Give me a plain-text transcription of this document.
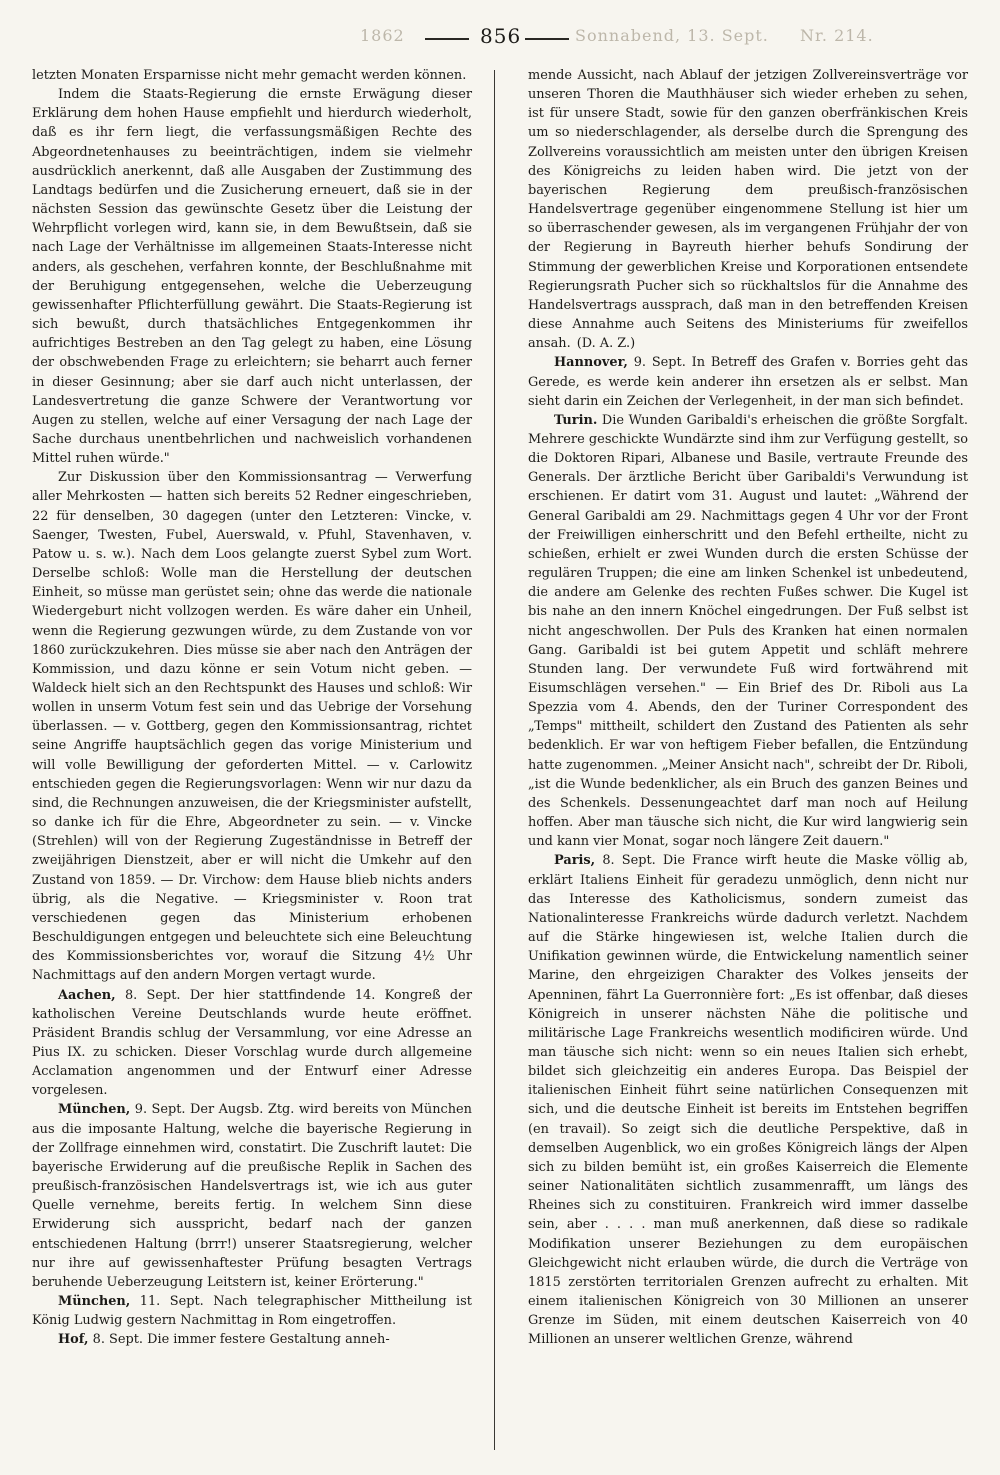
1862	856	Sonnabend, 13. Sept. Nr. 214.

letzten Monaten Ersparnisse nicht mehr gemacht werden können.

Indem die Staats-Regierung die ernste Erwägung dieser Erklärung dem hohen Hause empfiehlt und hierdurch wiederholt, daß es ihr fern liegt, die verfassungsmäßigen Rechte des Abgeordnetenhauses zu beeinträchtigen, indem sie vielmehr ausdrücklich anerkennt, daß alle Ausgaben der Zustimmung des Landtags bedürfen und die Zusicherung erneuert, daß sie in der nächsten Session das gewünschte Gesetz über die Leistung der Wehrpflicht vorlegen wird, kann sie, in dem Bewußtsein, daß sie nach Lage der Verhältnisse im allgemeinen Staats-Interesse nicht anders, als geschehen, verfahren konnte, der Beschlußnahme mit der Beruhigung entgegensehen, welche die Ueberzeugung gewissenhafter Pflichterfüllung gewährt. Die Staats-Regierung ist sich bewußt, durch thatsächliches Entgegenkommen ihr aufrichtiges Bestreben an den Tag gelegt zu haben, eine Lösung der obschwebenden Frage zu erleichtern; sie beharrt auch ferner in dieser Gesinnung; aber sie darf auch nicht unterlassen, der Landesvertretung die ganze Schwere der Verantwortung vor Augen zu stellen, welche auf einer Versagung der nach Lage der Sache durchaus unentbehrlichen und nachweislich vorhandenen Mittel ruhen würde."

Zur Diskussion über den Kommissionsantrag — Verwerfung aller Mehrkosten — hatten sich bereits 52 Redner eingeschrieben, 22 für denselben, 30 dagegen (unter den Letzteren: Vincke, v. Saenger, Twesten, Fubel, Auerswald, v. Pfuhl, Stavenhaven, v. Patow u. s. w.). Nach dem Loos gelangte zuerst Sybel zum Wort. Derselbe schloß: Wolle man die Herstellung der deutschen Einheit, so müsse man gerüstet sein; ohne das werde die nationale Wiedergeburt nicht vollzogen werden. Es wäre daher ein Unheil, wenn die Regierung gezwungen würde, zu dem Zustande von vor 1860 zurückzukehren. Dies müsse sie aber nach den Anträgen der Kommission, und dazu könne er sein Votum nicht geben. — Waldeck hielt sich an den Rechtspunkt des Hauses und schloß: Wir wollen in unserm Votum fest sein und das Uebrige der Vorsehung überlassen. — v. Gottberg, gegen den Kommissionsantrag, richtet seine Angriffe hauptsächlich gegen das vorige Ministerium und will volle Bewilligung der geforderten Mittel. — v. Carlowitz entschieden gegen die Regierungsvorlagen: Wenn wir nur dazu da sind, die Rechnungen anzuweisen, die der Kriegsminister aufstellt, so danke ich für die Ehre, Abgeordneter zu sein. — v. Vincke (Strehlen) will von der Regierung Zugeständnisse in Betreff der zweijährigen Dienstzeit, aber er will nicht die Umkehr auf den Zustand von 1859. — Dr. Virchow: dem Hause blieb nichts anders übrig, als die Negative. — Kriegsminister v. Roon trat verschiedenen gegen das Ministerium erhobenen Beschuldigungen entgegen und beleuchtete sich eine Beleuchtung des Kommissionsberichtes vor, worauf die Sitzung 4½ Uhr Nachmittags auf den andern Morgen vertagt wurde.

Aachen, 8. Sept. Der hier stattfindende 14. Kongreß der katholischen Vereine Deutschlands wurde heute eröffnet. Präsident Brandis schlug der Versammlung, vor eine Adresse an Pius IX. zu schicken. Dieser Vorschlag wurde durch allgemeine Acclamation angenommen und der Entwurf einer Adresse vorgelesen.

München, 9. Sept. Der Augsb. Ztg. wird bereits von München aus die imposante Haltung, welche die bayerische Regierung in der Zollfrage einnehmen wird, constatirt. Die Zuschrift lautet: Die bayerische Erwiderung auf die preußische Replik in Sachen des preußisch-französischen Handelsvertrags ist, wie ich aus guter Quelle vernehme, bereits fertig. In welchem Sinn diese Erwiderung sich ausspricht, bedarf nach der ganzen entschiedenen Haltung (brrr!) unserer Staatsregierung, welcher nur ihre auf gewissenhaftester Prüfung besagten Vertrags beruhende Ueberzeugung Leitstern ist, keiner Erörterung."

München, 11. Sept. Nach telegraphischer Mittheilung ist König Ludwig gestern Nachmittag in Rom eingetroffen.

Hof, 8. Sept. Die immer festere Gestaltung anneh-

mende Aussicht, nach Ablauf der jetzigen Zollvereinsverträge vor unseren Thoren die Mauthhäuser sich wieder erheben zu sehen, ist für unsere Stadt, sowie für den ganzen oberfränkischen Kreis um so niederschlagender, als derselbe durch die Sprengung des Zollvereins voraussichtlich am meisten unter den übrigen Kreisen des Königreichs zu leiden haben wird. Die jetzt von der bayerischen Regierung dem preußisch-französischen Handelsvertrage gegenüber eingenommene Stellung ist hier um so überraschender gewesen, als im vergangenen Frühjahr der von der Regierung in Bayreuth hierher behufs Sondirung der Stimmung der gewerblichen Kreise und Korporationen entsendete Regierungsrath Pucher sich so rückhaltslos für die Annahme des Handelsvertrags aussprach, daß man in den betreffenden Kreisen diese Annahme auch Seitens des Ministeriums für zweifellos ansah. (D. A. Z.)

Hannover, 9. Sept. In Betreff des Grafen v. Borries geht das Gerede, es werde kein anderer ihn ersetzen als er selbst. Man sieht darin ein Zeichen der Verlegenheit, in der man sich befindet.

Turin. Die Wunden Garibaldi's erheischen die größte Sorgfalt. Mehrere geschickte Wundärzte sind ihm zur Verfügung gestellt, so die Doktoren Ripari, Albanese und Basile, vertraute Freunde des Generals. Der ärztliche Bericht über Garibaldi's Verwundung ist erschienen. Er datirt vom 31. August und lautet: „Während der General Garibaldi am 29. Nachmittags gegen 4 Uhr vor der Front der Freiwilligen einherschritt und den Befehl ertheilte, nicht zu schießen, erhielt er zwei Wunden durch die ersten Schüsse der regulären Truppen; die eine am linken Schenkel ist unbedeutend, die andere am Gelenke des rechten Fußes schwer. Die Kugel ist bis nahe an den innern Knöchel eingedrungen. Der Fuß selbst ist nicht angeschwollen. Der Puls des Kranken hat einen normalen Gang. Garibaldi ist bei gutem Appetit und schläft mehrere Stunden lang. Der verwundete Fuß wird fortwährend mit Eisumschlägen versehen." — Ein Brief des Dr. Riboli aus La Spezzia vom 4. Abends, den der Turiner Correspondent des „Temps" mittheilt, schildert den Zustand des Patienten als sehr bedenklich. Er war von heftigem Fieber befallen, die Entzündung hatte zugenommen. „Meiner Ansicht nach", schreibt der Dr. Riboli, „ist die Wunde bedenklicher, als ein Bruch des ganzen Beines und des Schenkels. Dessenungeachtet darf man noch auf Heilung hoffen. Aber man täusche sich nicht, die Kur wird langwierig sein und kann vier Monat, sogar noch längere Zeit dauern."

Paris, 8. Sept. Die France wirft heute die Maske völlig ab, erklärt Italiens Einheit für geradezu unmöglich, denn nicht nur das Interesse des Katholicismus, sondern zumeist das Nationalinteresse Frankreichs würde dadurch verletzt. Nachdem auf die Stärke hingewiesen ist, welche Italien durch die Unifikation gewinnen würde, die Entwickelung namentlich seiner Marine, den ehrgeizigen Charakter des Volkes jenseits der Apenninen, fährt La Guerronnière fort: „Es ist offenbar, daß dieses Königreich in unserer nächsten Nähe die politische und militärische Lage Frankreichs wesentlich modificiren würde. Und man täusche sich nicht: wenn so ein neues Italien sich erhebt, bildet sich gleichzeitig ein anderes Europa. Das Beispiel der italienischen Einheit führt seine natürlichen Consequenzen mit sich, und die deutsche Einheit ist bereits im Entstehen begriffen (en travail). So zeigt sich die deutliche Perspektive, daß in demselben Augenblick, wo ein großes Königreich längs der Alpen sich zu bilden bemüht ist, ein großes Kaiserreich die Elemente seiner Nationalitäten sichtlich zusammenrafft, um längs des Rheines sich zu constituiren. Frankreich wird immer dasselbe sein, aber . . . . man muß anerkennen, daß diese so radikale Modifikation unserer Beziehungen zu dem europäischen Gleichgewicht nicht erlauben würde, die durch die Verträge von 1815 zerstörten territorialen Grenzen aufrecht zu erhalten. Mit einem italienischen Königreich von 30 Millionen an unserer Grenze im Süden, mit einem deutschen Kaiserreich von 40 Millionen an unserer weltlichen Grenze, während
